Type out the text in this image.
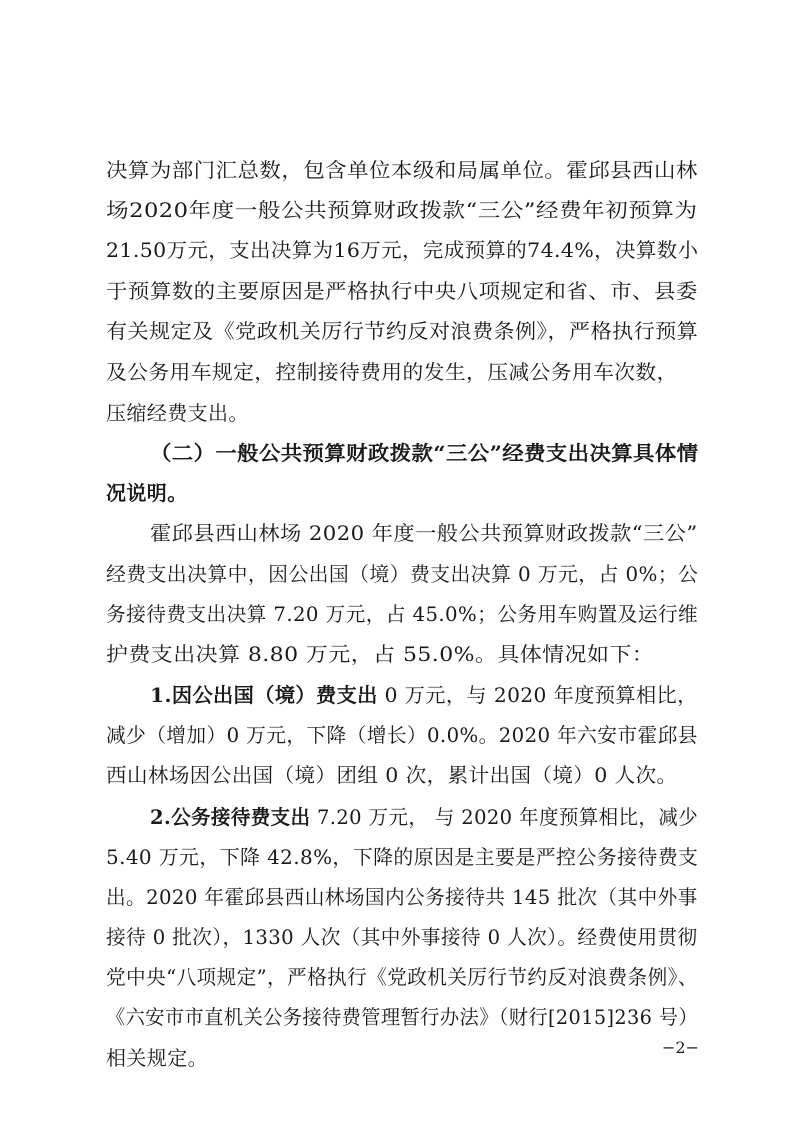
决算为部门汇总数，包含单位本级和局属单位。霍邱县西山林
场2020年度一般公共预算财政拨款“三公”经费年初预算为
21.50万元，支出决算为16万元，完成预算的74.4%，决算数小
于预算数的主要原因是严格执行中央八项规定和省、市、县委
有关规定及《党政机关厉行节约反对浪费条例》，严格执行预算
及公务用车规定，控制接待费用的发生，压减公务用车次数，
压缩经费支出。
（二）一般公共预算财政拨款“三公”经费支出决算具体情
况说明。
霍邱县西山林场 2020 年度一般公共预算财政拨款“三公”
经费支出决算中，因公出国（境）费支出决算 0 万元，占 0%；公
务接待费支出决算 7.20 万元，占 45.0%；公务用车购置及运行维
护费支出决算 8.80 万元，占 55.0%。具体情况如下：
1.因公出国（境）费支出 0 万元，与 2020 年度预算相比，
减少（增加）0 万元，下降（增长）0.0%。2020 年六安市霍邱县
西山林场因公出国（境）团组 0 次，累计出国（境）0 人次。
2.公务接待费支出 7.20 万元， 与 2020 年度预算相比，减少
5.40 万元，下降 42.8%，下降的原因是主要是严控公务接待费支
出。2020 年霍邱县西山林场国内公务接待共 145 批次（其中外事
接待 0 批次），1330 人次（其中外事接待 0 人次）。经费使用贯彻
党中央“八项规定”，严格执行《党政机关厉行节约反对浪费条例》、
《六安市市直机关公务接待费管理暂行办法》（财行[2015]236 号）
相关规定。	−2−
